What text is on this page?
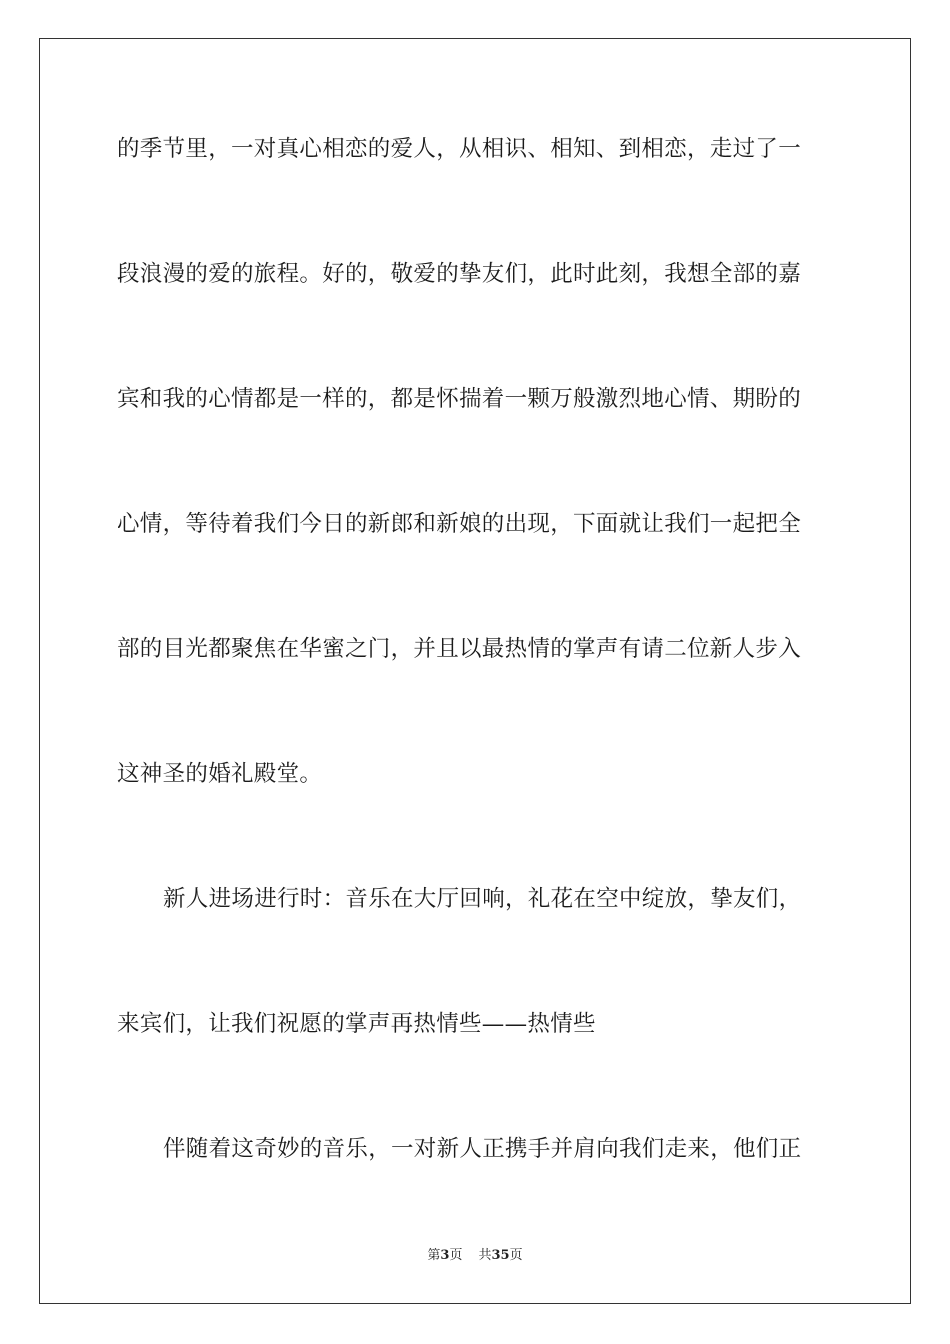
的季节里，一对真心相恋的爱人，从相识、相知、到相恋，走过了一
段浪漫的爱的旅程。好的，敬爱的挚友们，此时此刻，我想全部的嘉
宾和我的心情都是一样的，都是怀揣着一颗万般激烈地心情、期盼的
心情，等待着我们今日的新郎和新娘的出现，下面就让我们一起把全
部的目光都聚焦在华蜜之门，并且以最热情的掌声有请二位新人步入
这神圣的婚礼殿堂。
新人进场进行时：音乐在大厅回响，礼花在空中绽放，挚友们，
来宾们，让我们祝愿的掌声再热情些——热情些
伴随着这奇妙的音乐，一对新人正携手并肩向我们走来，他们正
第3页 共35页
